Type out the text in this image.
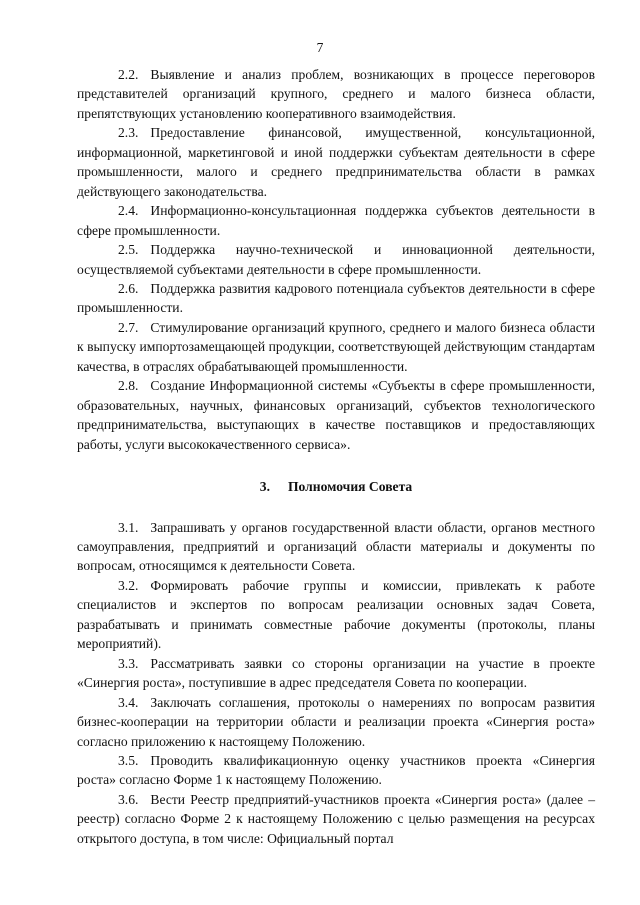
7

2.2. Выявление и анализ проблем, возникающих в процессе переговоров представителей организаций крупного, среднего и малого бизнеса области, препятствующих установлению кооперативного взаимодействия.

2.3. Предоставление финансовой, имущественной, консультационной, информационной, маркетинговой и иной поддержки субъектам деятельности в сфере промышленности, малого и среднего предпринимательства области в рамках действующего законодательства.

2.4. Информационно-консультационная поддержка субъектов деятельности в сфере промышленности.

2.5. Поддержка научно-технической и инновационной деятельности, осуществляемой субъектами деятельности в сфере промышленности.

2.6. Поддержка развития кадрового потенциала субъектов деятельности в сфере промышленности.

2.7. Стимулирование организаций крупного, среднего и малого бизнеса области к выпуску импортозамещающей продукции, соответствующей действующим стандартам качества, в отраслях обрабатывающей промышленности.

2.8. Создание Информационной системы «Субъекты в сфере промышленности, образовательных, научных, финансовых организаций, субъектов технологического предпринимательства, выступающих в качестве поставщиков и предоставляющих работы, услуги высококачественного сервиса».

3. Полномочия Совета

3.1. Запрашивать у органов государственной власти области, органов местного самоуправления, предприятий и организаций области материалы и документы по вопросам, относящимся к деятельности Совета.

3.2. Формировать рабочие группы и комиссии, привлекать к работе специалистов и экспертов по вопросам реализации основных задач Совета, разрабатывать и принимать совместные рабочие документы (протоколы, планы мероприятий).

3.3. Рассматривать заявки со стороны организации на участие в проекте «Синергия роста», поступившие в адрес председателя Совета по кооперации.

3.4. Заключать соглашения, протоколы о намерениях по вопросам развития бизнес-кооперации на территории области и реализации проекта «Синергия роста» согласно приложению к настоящему Положению.

3.5. Проводить квалификационную оценку участников проекта «Синергия роста» согласно Форме 1 к настоящему Положению.

3.6. Вести Реестр предприятий-участников проекта «Синергия роста» (далее – реестр) согласно Форме 2 к настоящему Положению с целью размещения на ресурсах открытого доступа, в том числе: Официальный портал
